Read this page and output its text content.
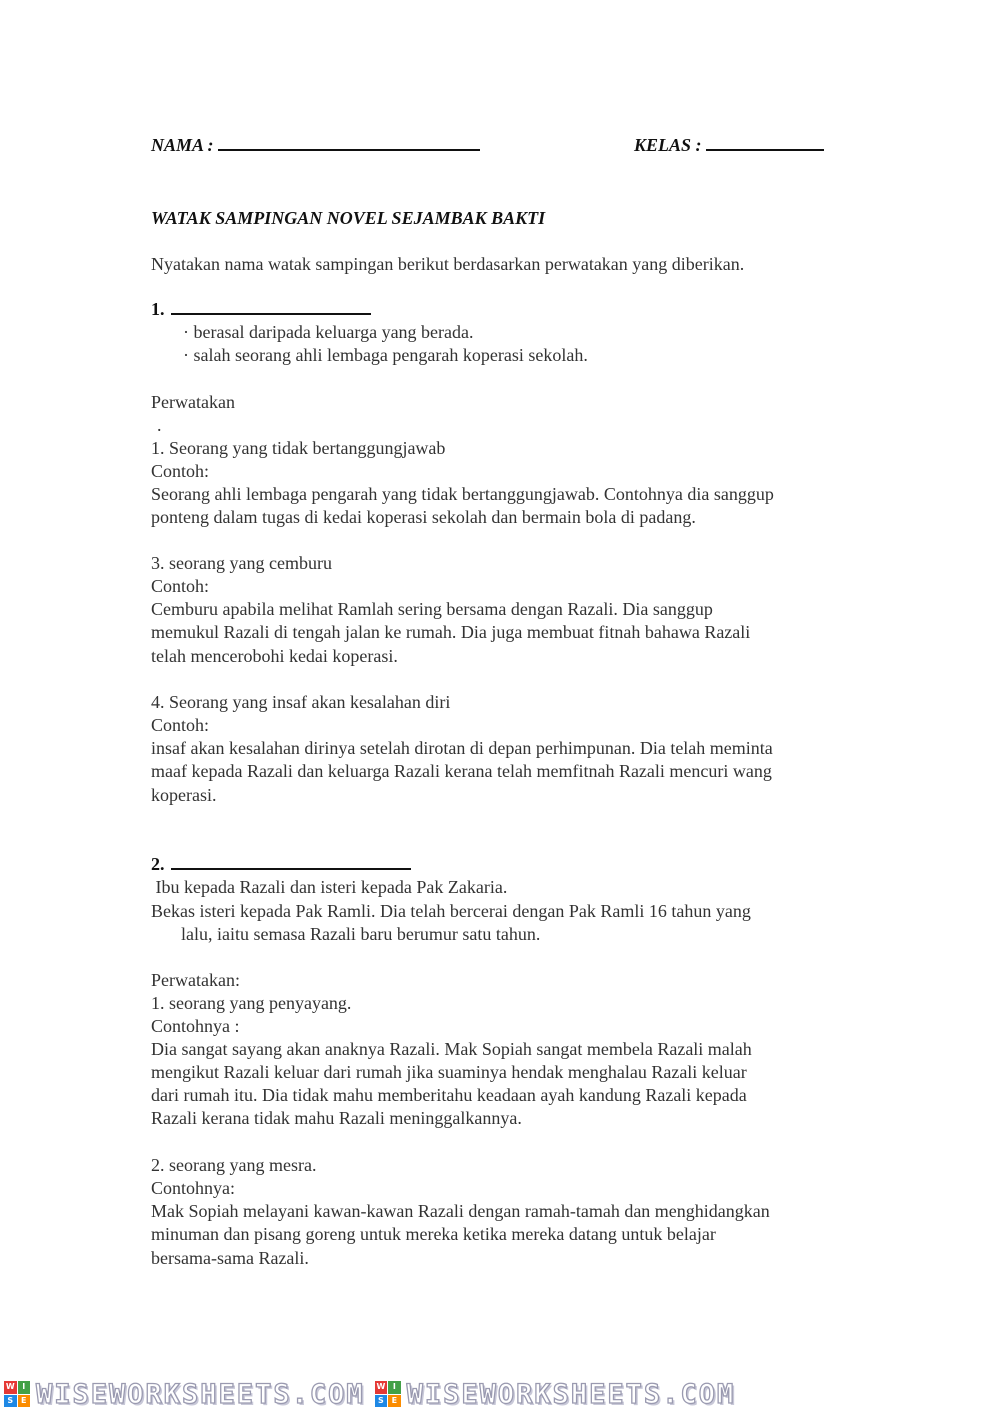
NAMA :	KELAS :
WATAK SAMPINGAN NOVEL SEJAMBAK BAKTI
Nyatakan nama watak sampingan berikut berdasarkan perwatakan yang diberikan.
1.
· berasal daripada keluarga yang berada.
· salah seorang ahli lembaga pengarah koperasi sekolah.
Perwatakan
.
1. Seorang yang tidak bertanggungjawab
Contoh:
Seorang ahli lembaga pengarah yang tidak bertanggungjawab. Contohnya dia sanggup
ponteng dalam tugas di kedai koperasi sekolah dan bermain bola di padang.
3. seorang yang cemburu
Contoh:
Cemburu apabila melihat Ramlah sering bersama dengan Razali. Dia sanggup
memukul Razali di tengah jalan ke rumah. Dia juga membuat fitnah bahawa Razali
telah mencerobohi kedai koperasi.
4. Seorang yang insaf akan kesalahan diri
Contoh:
insaf akan kesalahan dirinya setelah dirotan di depan perhimpunan. Dia telah meminta
maaf kepada Razali dan keluarga Razali kerana telah memfitnah Razali mencuri wang
koperasi.
2.
Ibu kepada Razali dan isteri kepada Pak Zakaria.
Bekas isteri kepada Pak Ramli. Dia telah bercerai dengan Pak Ramli 16 tahun yang
lalu, iaitu semasa Razali baru berumur satu tahun.
Perwatakan:
1. seorang yang penyayang.
Contohnya :
Dia sangat sayang akan anaknya Razali. Mak Sopiah sangat membela Razali malah
mengikut Razali keluar dari rumah jika suaminya hendak menghalau Razali keluar
dari rumah itu. Dia tidak mahu memberitahu keadaan ayah kandung Razali kepada
Razali kerana tidak mahu Razali meninggalkannya.
2. seorang yang mesra.
Contohnya:
Mak Sopiah melayani kawan-kawan Razali dengan ramah-tamah dan menghidangkan
minuman dan pisang goreng untuk mereka ketika mereka datang untuk belajar
bersama-sama Razali.
W I
S E WISEWORKSHEETS.COM W I
S E WISEWORKSHEETS.COM
